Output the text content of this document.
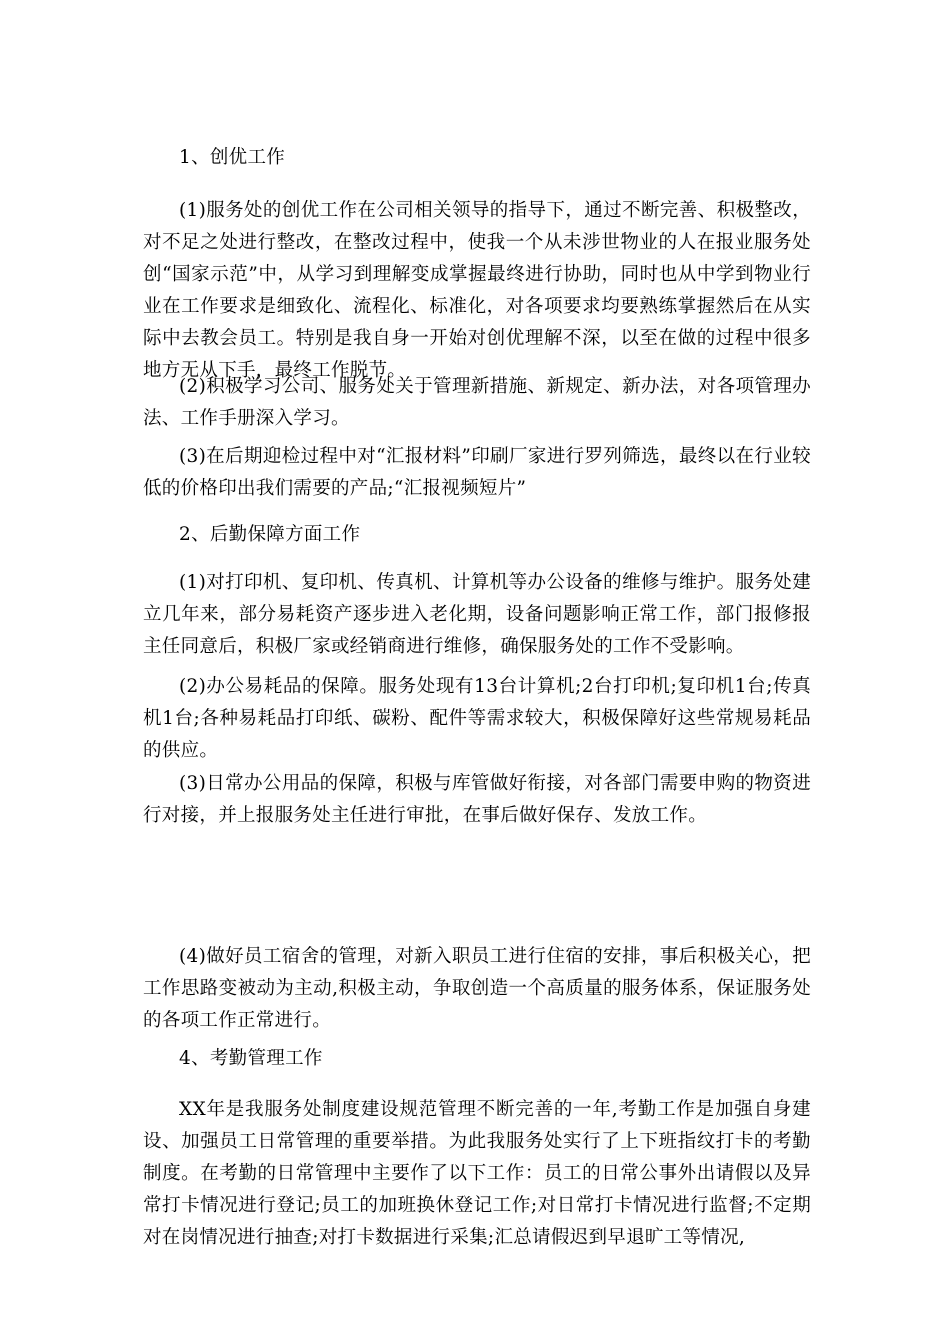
1、创优工作

(1)服务处的创优工作在公司相关领导的指导下，通过不断完善、积极整改，对不足之处进行整改，在整改过程中，使我一个从未涉世物业的人在报业服务处创“国家示范”中，从学习到理解变成掌握最终进行协助，同时也从中学到物业行业在工作要求是细致化、流程化、标准化，对各项要求均要熟练掌握然后在从实际中去教会员工。特别是我自身一开始对创优理解不深，以至在做的过程中很多地方无从下手，最终工作脱节。

(2)积极学习公司、服务处关于管理新措施、新规定、新办法，对各项管理办法、工作手册深入学习。

(3)在后期迎检过程中对“汇报材料”印刷厂家进行罗列筛选，最终以在行业较低的价格印出我们需要的产品;“汇报视频短片”

2、后勤保障方面工作

(1)对打印机、复印机、传真机、计算机等办公设备的维修与维护。服务处建立几年来，部分易耗资产逐步进入老化期，设备问题影响正常工作，部门报修报主任同意后，积极厂家或经销商进行维修，确保服务处的工作不受影响。

(2)办公易耗品的保障。服务处现有13台计算机;2台打印机;复印机1台;传真机1台;各种易耗品打印纸、碳粉、配件等需求较大，积极保障好这些常规易耗品的供应。

(3)日常办公用品的保障，积极与库管做好衔接，对各部门需要申购的物资进行对接，并上报服务处主任进行审批，在事后做好保存、发放工作。

(4)做好员工宿舍的管理，对新入职员工进行住宿的安排，事后积极关心，把工作思路变被动为主动,积极主动，争取创造一个高质量的服务体系，保证服务处的各项工作正常进行。

4、考勤管理工作

XX年是我服务处制度建设规范管理不断完善的一年,考勤工作是加强自身建设、加强员工日常管理的重要举措。为此我服务处实行了上下班指纹打卡的考勤制度。在考勤的日常管理中主要作了以下工作：员工的日常公事外出请假以及异常打卡情况进行登记;员工的加班换休登记工作;对日常打卡情况进行监督;不定期对在岗情况进行抽查;对打卡数据进行采集;汇总请假迟到早退旷工等情况,
